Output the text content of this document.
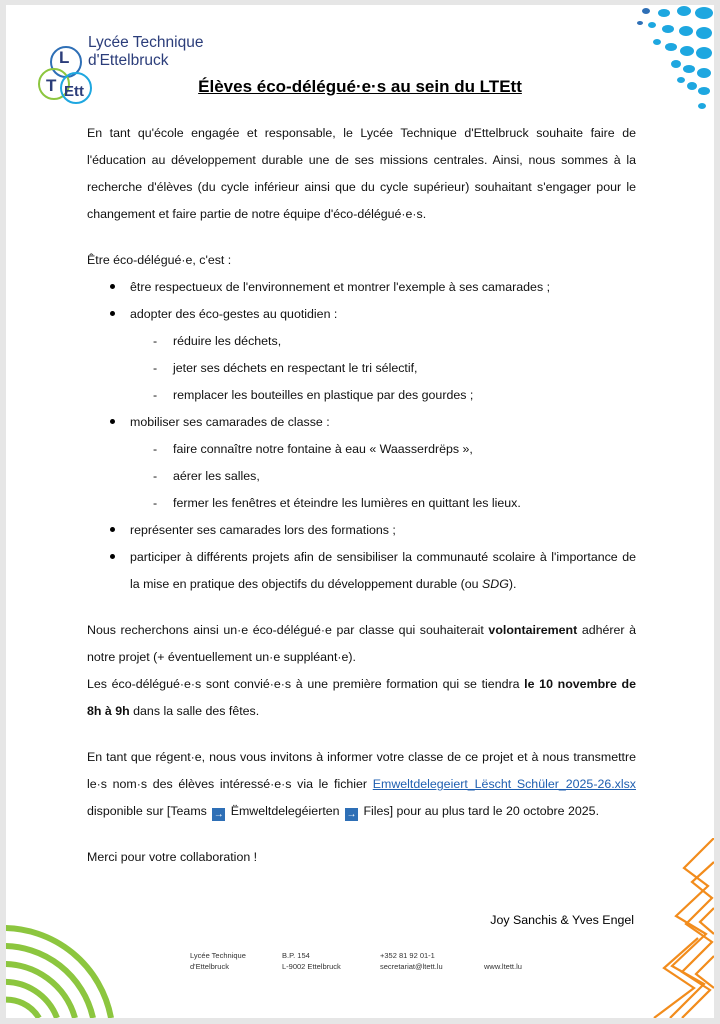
L
T Ett
Lycée Technique
d'Ettelbruck
Élèves éco-délégué·e·s au sein du LTEtt

En tant qu'école engagée et responsable, le Lycée Technique d'Ettelbruck souhaite faire de l'éducation au développement durable une de ses missions centrales. Ainsi, nous sommes à la recherche d'élèves (du cycle inférieur ainsi que du cycle supérieur) souhaitant s'engager pour le changement et faire partie de notre équipe d'éco-délégué·e·s.

Être éco-délégué·e, c'est :

être respectueux de l'environnement et montrer l'exemple à ses camarades ;
adopter des éco-gestes au quotidien :
- réduire les déchets,
- jeter ses déchets en respectant le tri sélectif,
- remplacer les bouteilles en plastique par des gourdes ;
mobiliser ses camarades de classe :
- faire connaître notre fontaine à eau « Waasserdrëps »,
- aérer les salles,
- fermer les fenêtres et éteindre les lumières en quittant les lieux.
représenter ses camarades lors des formations ;
participer à différents projets afin de sensibiliser la communauté scolaire à l'importance de la mise en pratique des objectifs du développement durable (ou SDG).

Nous recherchons ainsi un·e éco-délégué·e par classe qui souhaiterait volontairement adhérer à notre projet (+ éventuellement un·e suppléant·e).

Les éco-délégué·e·s sont convié·e·s à une première formation qui se tiendra le 10 novembre de 8h à 9h dans la salle des fêtes.

En tant que régent·e, nous vous invitons à informer votre classe de ce projet et à nous transmettre le·s nom·s des élèves intéressé·e·s via le fichier Emweltdelegeiert_Lëscht Schüler_2025-26.xlsx disponible sur [Teams → Ëmweltdelegéierten → Files] pour au plus tard le 20 octobre 2025.

Merci pour votre collaboration !

Joy Sanchis & Yves Engel
Lycée Technique
d'Ettelbruck
B.P. 154
L-9002 Ettelbruck
+352 81 92 01-1
secretariat@ltett.lu	www.ltett.lu
